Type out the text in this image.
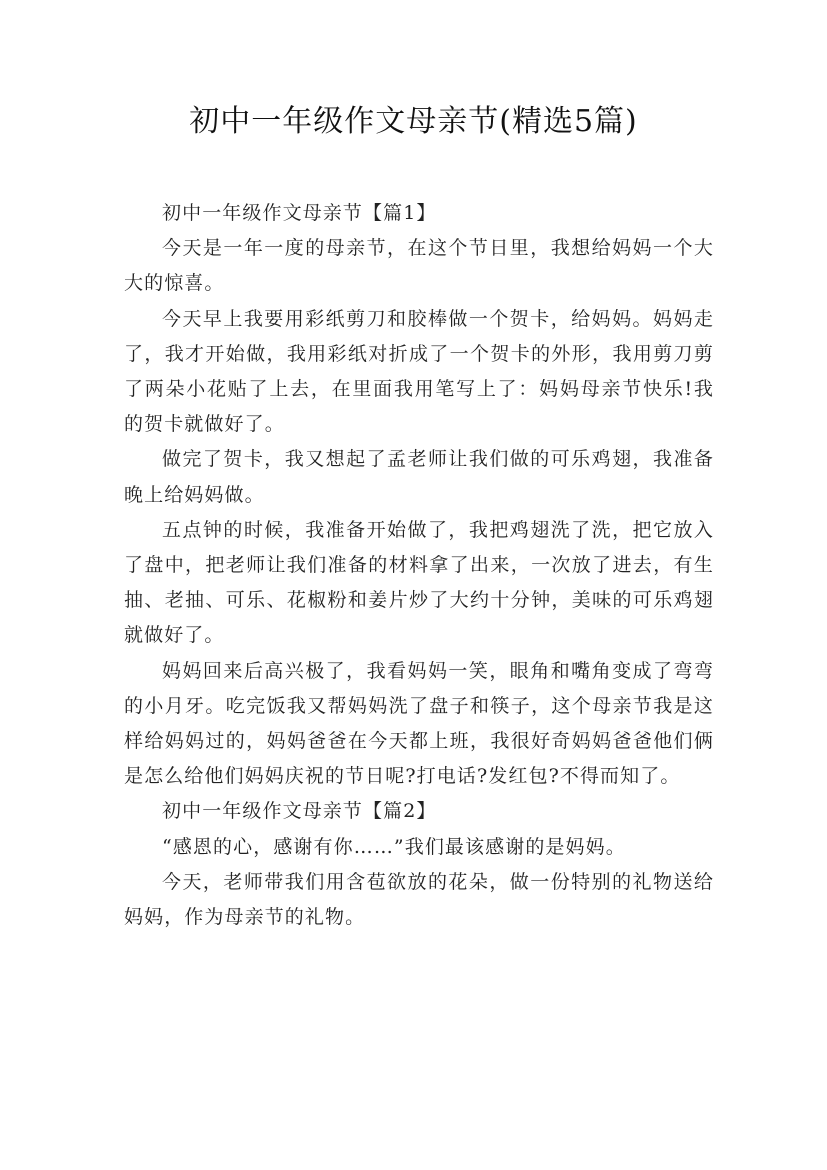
初中一年级作文母亲节(精选5篇)

初中一年级作文母亲节【篇1】

今天是一年一度的母亲节，在这个节日里，我想给妈妈一个大大的惊喜。

今天早上我要用彩纸剪刀和胶棒做一个贺卡，给妈妈。妈妈走了，我才开始做，我用彩纸对折成了一个贺卡的外形，我用剪刀剪了两朵小花贴了上去，在里面我用笔写上了：妈妈母亲节快乐!我的贺卡就做好了。

做完了贺卡，我又想起了孟老师让我们做的可乐鸡翅，我准备晚上给妈妈做。

五点钟的时候，我准备开始做了，我把鸡翅洗了洗，把它放入了盘中，把老师让我们准备的材料拿了出来，一次放了进去，有生抽、老抽、可乐、花椒粉和姜片炒了大约十分钟，美味的可乐鸡翅就做好了。

妈妈回来后高兴极了，我看妈妈一笑，眼角和嘴角变成了弯弯的小月牙。吃完饭我又帮妈妈洗了盘子和筷子，这个母亲节我是这样给妈妈过的，妈妈爸爸在今天都上班，我很好奇妈妈爸爸他们俩是怎么给他们妈妈庆祝的节日呢?打电话?发红包?不得而知了。

初中一年级作文母亲节【篇2】

“感恩的心，感谢有你……”我们最该感谢的是妈妈。

今天，老师带我们用含苞欲放的花朵，做一份特别的礼物送给妈妈，作为母亲节的礼物。
